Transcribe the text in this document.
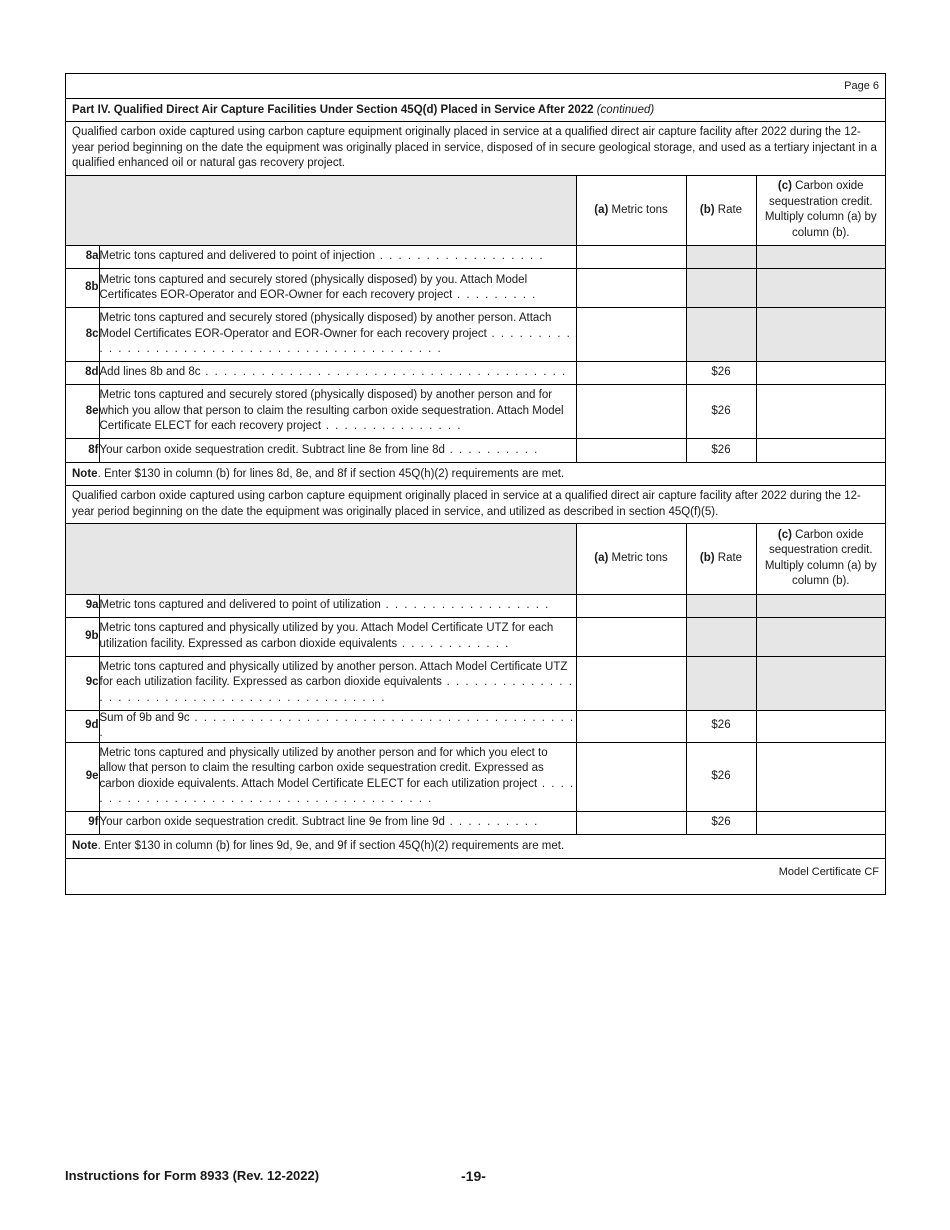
Page 6
Part IV. Qualified Direct Air Capture Facilities Under Section 45Q(d) Placed in Service After 2022 (continued)
Qualified carbon oxide captured using carbon capture equipment originally placed in service at a qualified direct air capture facility after 2022 during the 12-year period beginning on the date the equipment was originally placed in service, disposed of in secure geological storage, and used as a tertiary injectant in a qualified enhanced oil or natural gas recovery project.
		(a) Metric tons	(b) Rate	(c) Carbon oxide sequestration credit. Multiply column (a) by column (b).
8a	Metric tons captured and delivered to point of injection . . . . . . . . . . . . . . . . . .			
8b	Metric tons captured and securely stored (physically disposed) by you. Attach Model Certificates EOR-Operator and EOR-Owner for each recovery project . . . . . . . . .			
8c	Metric tons captured and securely stored (physically disposed) by another person. Attach Model Certificates EOR-Operator and EOR-Owner for each recovery project . . . . . . . . . . . . . . . . . . . . . . . . . . . . . . . . . . . . . . . . . . . . . .			
8d	Add lines 8b and 8c . . . . . . . . . . . . . . . . . . . . . . . . . . . . . . . . . . . . . . .		$26	
8e	Metric tons captured and securely stored (physically disposed) by another person and for which you allow that person to claim the resulting carbon oxide sequestration. Attach Model Certificate ELECT for each recovery project . . . . . . . . . . . . . . .		$26	
8f	Your carbon oxide sequestration credit. Subtract line 8e from line 8d . . . . . . . . . .		$26	
Note. Enter $130 in column (b) for lines 8d, 8e, and 8f if section 45Q(h)(2) requirements are met.
Qualified carbon oxide captured using carbon capture equipment originally placed in service at a qualified direct air capture facility after 2022 during the 12-year period beginning on the date the equipment was originally placed in service, and utilized as described in section 45Q(f)(5).
		(a) Metric tons	(b) Rate	(c) Carbon oxide sequestration credit. Multiply column (a) by column (b).
9a	Metric tons captured and delivered to point of utilization . . . . . . . . . . . . . . . . . .			
9b	Metric tons captured and physically utilized by you. Attach Model Certificate UTZ for each utilization facility. Expressed as carbon dioxide equivalents . . . . . . . . . . . .			
9c	Metric tons captured and physically utilized by another person. Attach Model Certificate UTZ for each utilization facility. Expressed as carbon dioxide equivalents . . . . . . . . . . . . . . . . . . . . . . . . . . . . . . . . . . . . . . . . . . . . .			
9d	Sum of 9b and 9c . . . . . . . . . . . . . . . . . . . . . . . . . . . . . . . . . . . . . . . . . .		$26	
9e	Metric tons captured and physically utilized by another person and for which you elect to allow that person to claim the resulting carbon oxide sequestration credit. Expressed as carbon dioxide equivalents. Attach Model Certificate ELECT for each utilization project . . . . . . . . . . . . . . . . . . . . . . . . . . . . . . . . . . . . . . . .		$26	
9f	Your carbon oxide sequestration credit. Subtract line 9e from line 9d . . . . . . . . . .		$26	
Note. Enter $130 in column (b) for lines 9d, 9e, and 9f if section 45Q(h)(2) requirements are met.
Model Certificate CF
Instructions for Form 8933 (Rev. 12-2022)	-19-
